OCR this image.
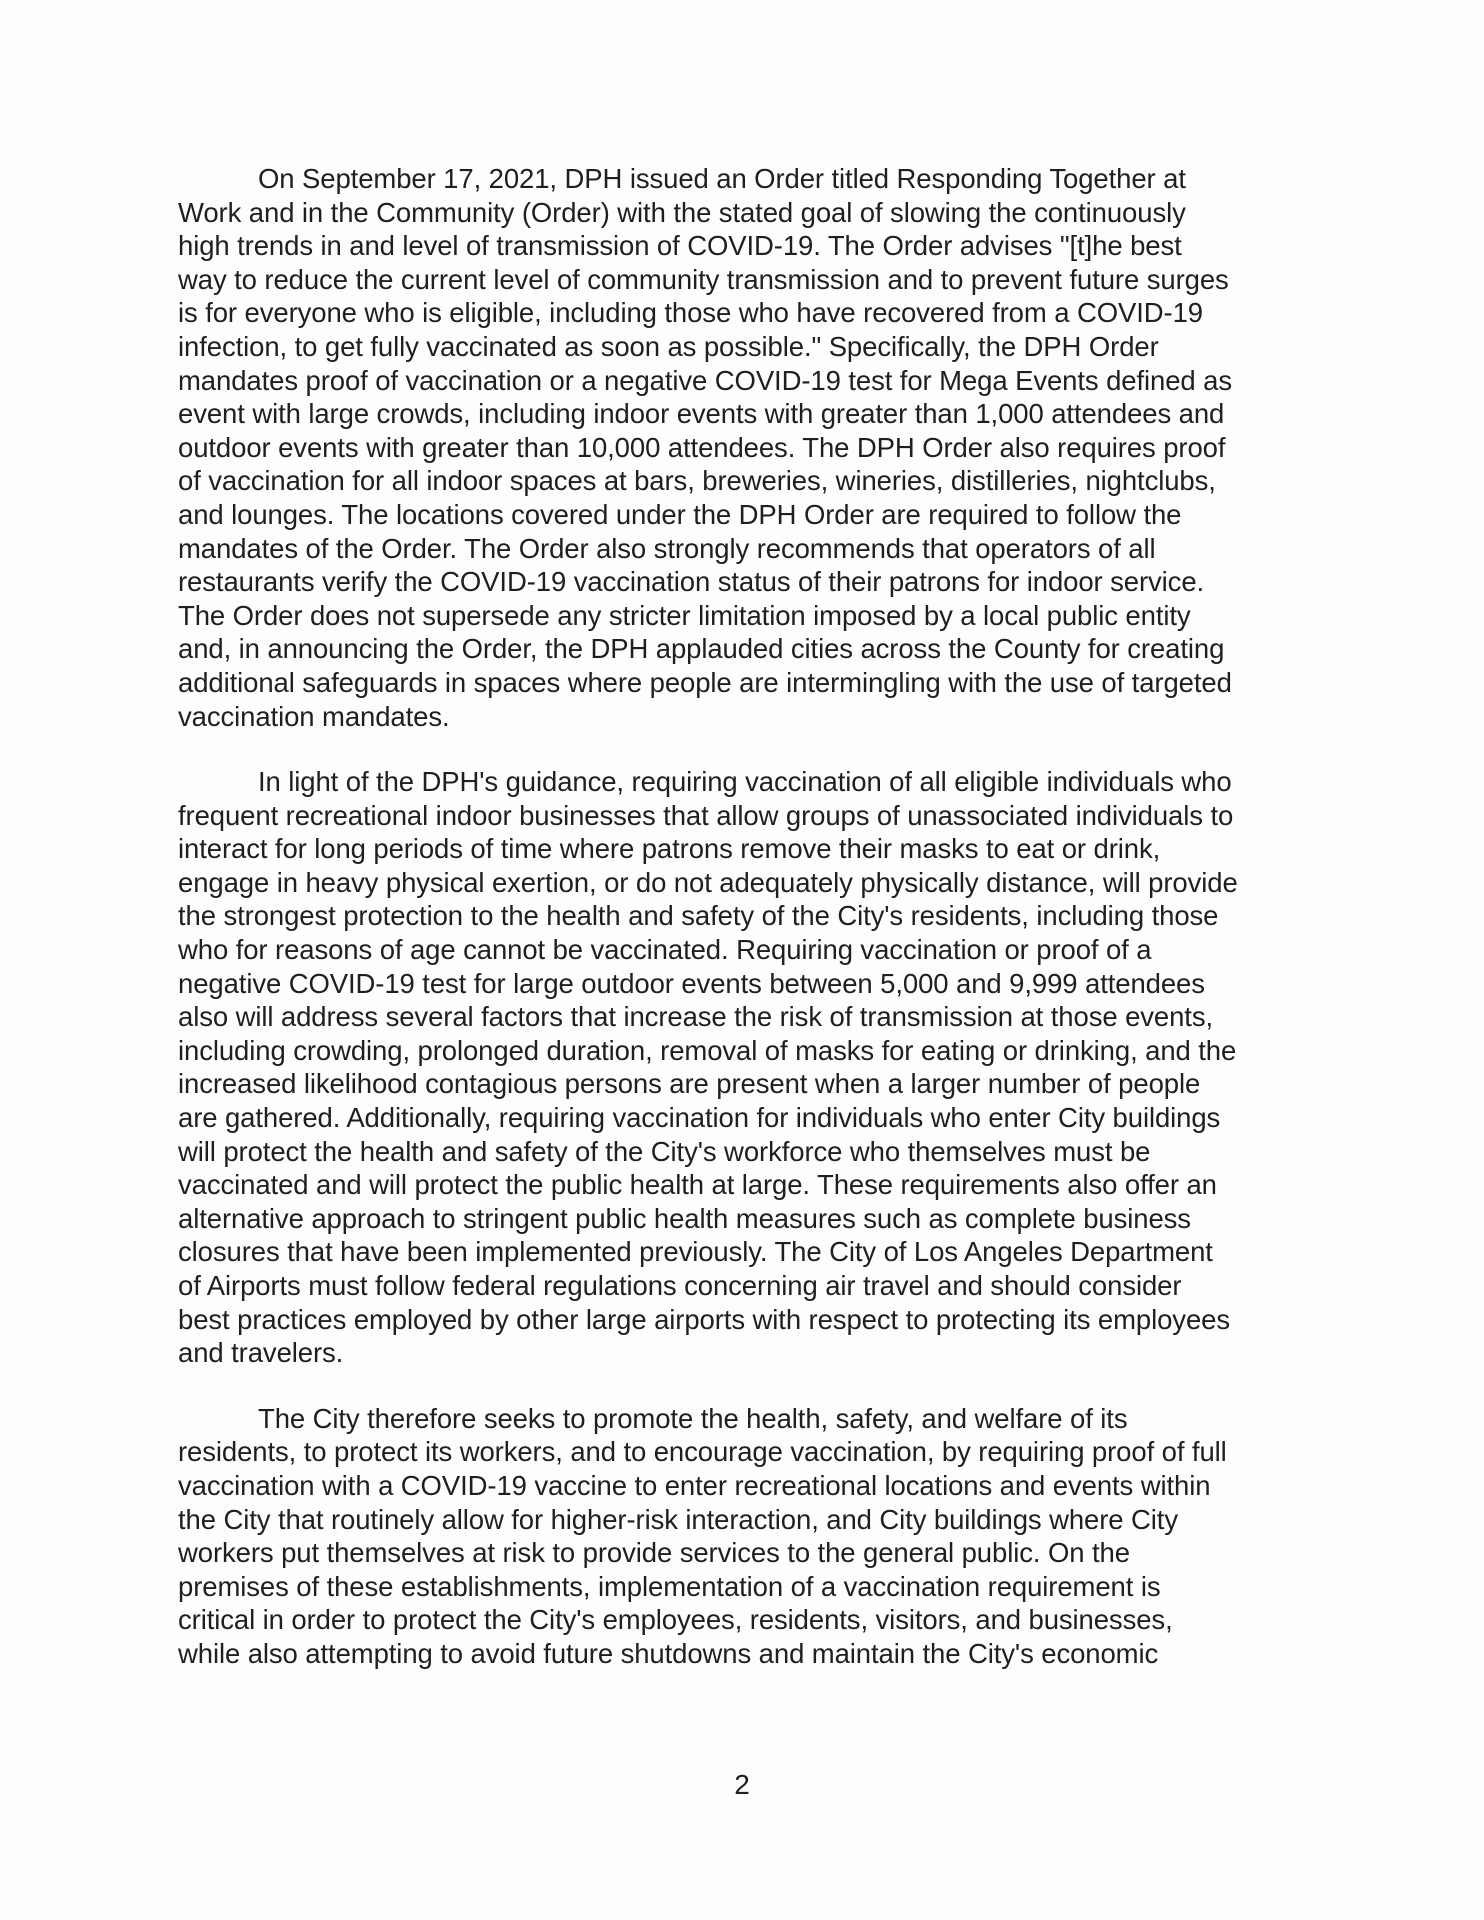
On September 17, 2021, DPH issued an Order titled Responding Together at
Work and in the Community (Order) with the stated goal of slowing the continuously
high trends in and level of transmission of COVID-19. The Order advises "[t]he best
way to reduce the current level of community transmission and to prevent future surges
is for everyone who is eligible, including those who have recovered from a COVID-19
infection, to get fully vaccinated as soon as possible." Specifically, the DPH Order
mandates proof of vaccination or a negative COVID-19 test for Mega Events defined as
event with large crowds, including indoor events with greater than 1,000 attendees and
outdoor events with greater than 10,000 attendees. The DPH Order also requires proof
of vaccination for all indoor spaces at bars, breweries, wineries, distilleries, nightclubs,
and lounges. The locations covered under the DPH Order are required to follow the
mandates of the Order. The Order also strongly recommends that operators of all
restaurants verify the COVID-19 vaccination status of their patrons for indoor service.
The Order does not supersede any stricter limitation imposed by a local public entity
and, in announcing the Order, the DPH applauded cities across the County for creating
additional safeguards in spaces where people are intermingling with the use of targeted
vaccination mandates.

In light of the DPH's guidance, requiring vaccination of all eligible individuals who
frequent recreational indoor businesses that allow groups of unassociated individuals to
interact for long periods of time where patrons remove their masks to eat or drink,
engage in heavy physical exertion, or do not adequately physically distance, will provide
the strongest protection to the health and safety of the City's residents, including those
who for reasons of age cannot be vaccinated. Requiring vaccination or proof of a
negative COVID-19 test for large outdoor events between 5,000 and 9,999 attendees
also will address several factors that increase the risk of transmission at those events,
including crowding, prolonged duration, removal of masks for eating or drinking, and the
increased likelihood contagious persons are present when a larger number of people
are gathered. Additionally, requiring vaccination for individuals who enter City buildings
will protect the health and safety of the City's workforce who themselves must be
vaccinated and will protect the public health at large. These requirements also offer an
alternative approach to stringent public health measures such as complete business
closures that have been implemented previously. The City of Los Angeles Department
of Airports must follow federal regulations concerning air travel and should consider
best practices employed by other large airports with respect to protecting its employees
and travelers.

The City therefore seeks to promote the health, safety, and welfare of its
residents, to protect its workers, and to encourage vaccination, by requiring proof of full
vaccination with a COVID-19 vaccine to enter recreational locations and events within
the City that routinely allow for higher-risk interaction, and City buildings where City
workers put themselves at risk to provide services to the general public. On the
premises of these establishments, implementation of a vaccination requirement is
critical in order to protect the City's employees, residents, visitors, and businesses,
while also attempting to avoid future shutdowns and maintain the City's economic

2
